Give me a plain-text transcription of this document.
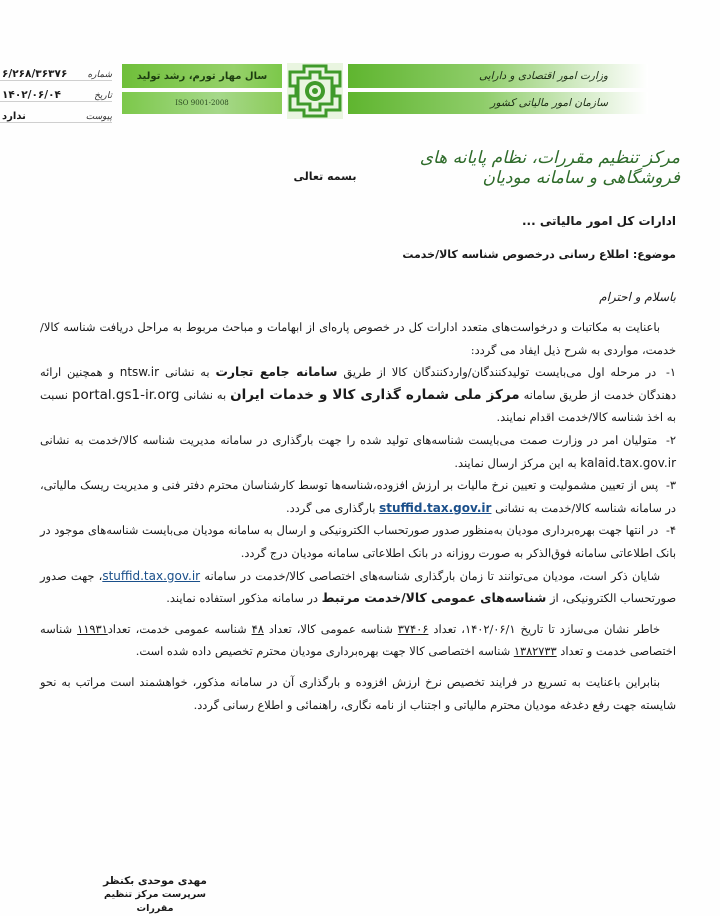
شماره
۶/۲۶۸/۳۶۳۷۶
تاریخ
۱۴۰۲/۰۶/۰۴
پیوست
ندارد
سال مهار تورم، رشد تولید
ISO 9001-2008
وزارت امور اقتصادی و دارایی
سازمان امور مالیاتی کشور
مرکز تنظیم مقررات، نظام پایانه های فروشگاهی و سامانه مودیان
بسمه تعالی
ادارات کل امور مالیاتی ...
موضوع: اطلاع رسانی درخصوص شناسه کالا/خدمت
باسلام و احترام

باعنایت به مکاتبات و درخواست‌های متعدد ادارات کل در خصوص پاره‌ای از ابهامات و مباحث مربوط به مراحل دریافت شناسه کالا/خدمت، مواردی به شرح ذیل ایفاد می گردد:

۱- در مرحله اول می‌بایست تولیدکنندگان/واردکنندگان کالا از طریق سامانه جامع تجارت به نشانی ntsw.ir و همچنین ارائه دهندگان خدمت از طریق سامانه مرکز ملی شماره گذاری کالا و خدمات ایران به نشانی portal.gs1-ir.org نسبت به اخذ شناسه کالا/خدمت اقدام نمایند.

۲- متولیان امر در وزارت صمت می‌بایست شناسه‌های تولید شده را جهت بارگذاری در سامانه مدیریت شناسه کالا/خدمت به نشانی kalaid.tax.gov.ir به این مرکز ارسال نمایند.

۳- پس از تعیین مشمولیت و تعیین نرخ مالیات بر ارزش افزوده،شناسه‌ها توسط کارشناسان محترم دفتر فنی و مدیریت ریسک مالیاتی، در سامانه شناسه کالا/خدمت به نشانی stuffid.tax.gov.ir بارگذاری می گردد.

۴- در انتها جهت بهره‌برداری مودیان به‌منظور صدور صورتحساب الکترونیکی و ارسال به سامانه مودیان می‌بایست شناسه‌های موجود در بانک اطلاعاتی سامانه فوق‌الذکر به صورت روزانه در بانک اطلاعاتی سامانه مودیان درج گردد.

شایان ذکر است، مودیان می‌توانند تا زمان بارگذاری شناسه‌های اختصاصی کالا/خدمت در سامانه stuffid.tax.gov.ir، جهت صدور صورتحساب الکترونیکی، از شناسه‌های عمومی کالا/خدمت مرتبط در سامانه مذکور استفاده نمایند.

خاطر نشان می‌سازد تا تاریخ ۱۴۰۲/۰۶/۱، تعداد ۳۷۴۰۶ شناسه عمومی کالا، تعداد ۴۸ شناسه عمومی خدمت، تعداد۱۱۹۳۱ شناسه اختصاصی خدمت و تعداد ۱۳۸۲۷۳۳ شناسه اختصاصی کالا جهت بهره‌برداری مودیان محترم تخصیص داده شده است.

بنابراین باعنایت به تسریع در فرایند تخصیص نرخ ارزش افزوده و بارگذاری آن در سامانه مذکور، خواهشمند است مراتب به نحو شایسته جهت رفع دغدغه مودیان محترم مالیاتی و اجتناب از نامه نگاری، راهنمائی و اطلاع رسانی گردد.

مهدی موحدی بکنظر
سرپرست مرکز تنظیم مقررات
